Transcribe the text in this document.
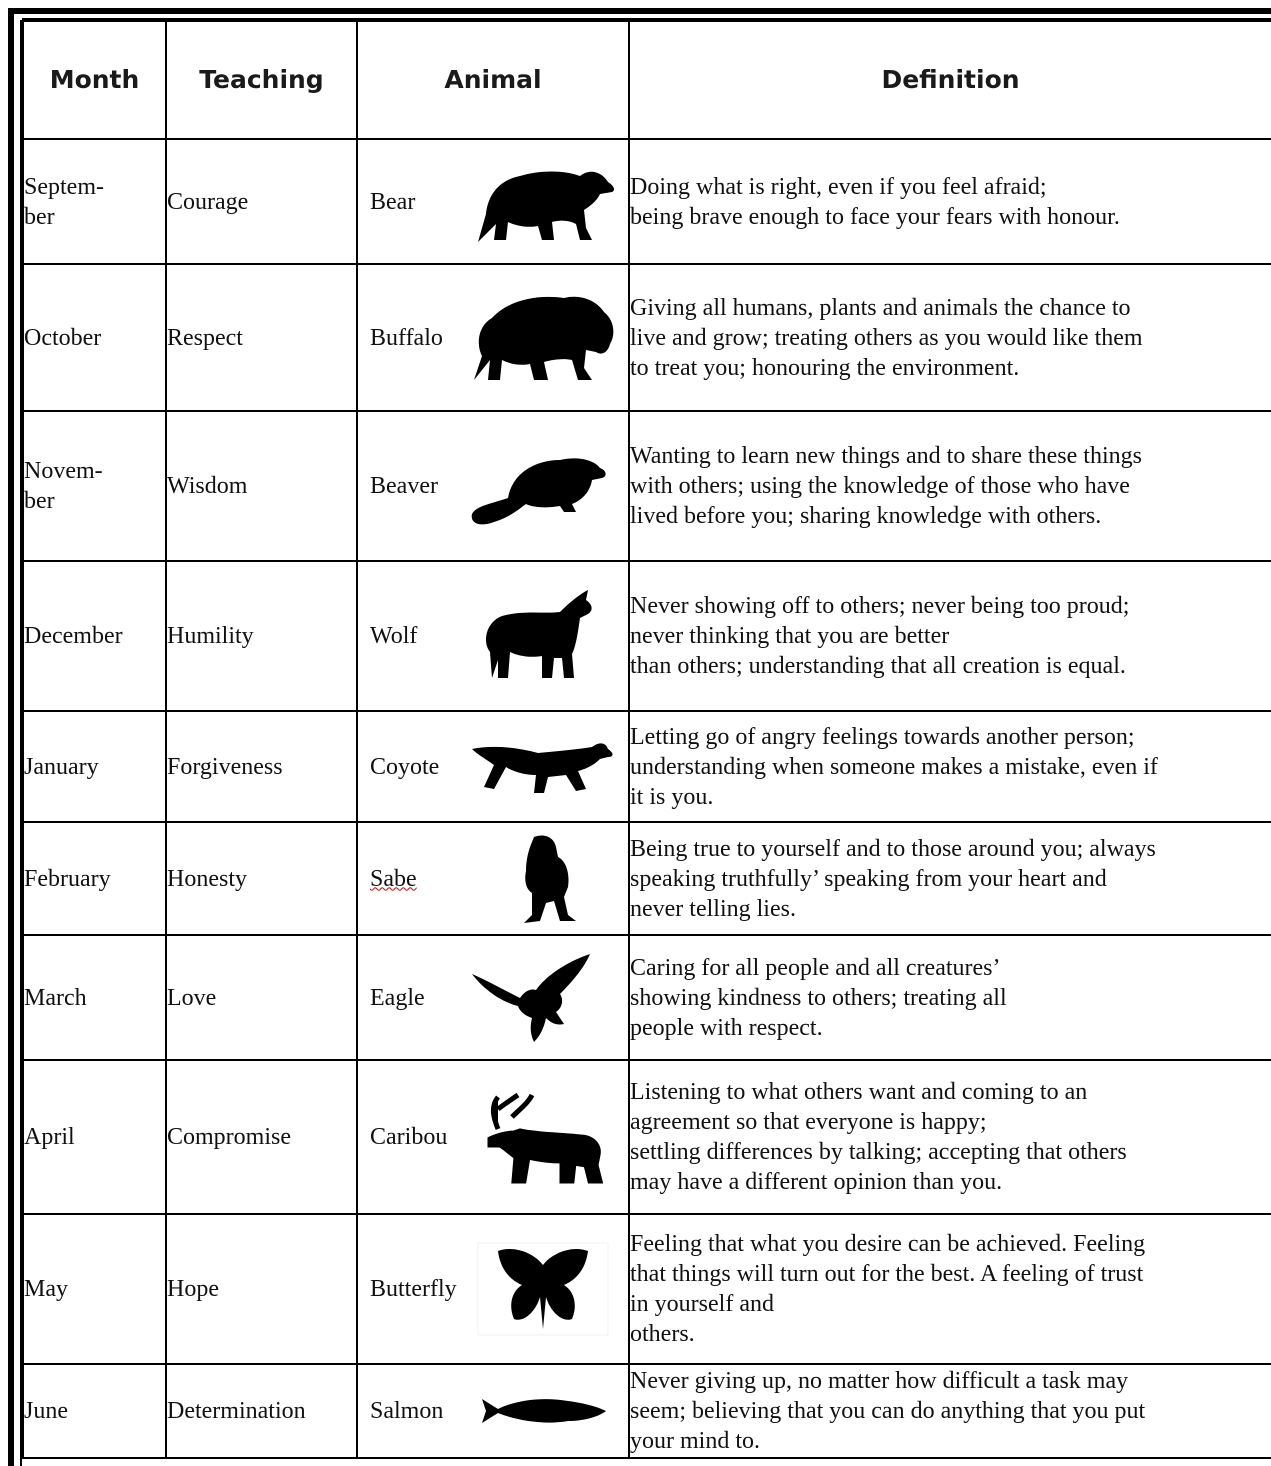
Month	Teaching	Animal	Definition

Septem-
ber	Courage	Bear	Doing what is right, even if you feel afraid;
being brave enough to face your fears with honour.

October	Respect	Buffalo	Giving all humans, plants and animals the chance to
live and grow; treating others as you would like them
to treat you; honouring the environment.

Novem-
ber	Wisdom	Beaver	Wanting to learn new things and to share these things
with others; using the knowledge of those who have
lived before you; sharing knowledge with others.

December	Humility	Wolf	Never showing off to others; never being too proud;
never thinking that you are better
than others; understanding that all creation is equal.

January	Forgiveness	Coyote	Letting go of angry feelings towards another person;
understanding when someone makes a mistake, even if
it is you.

February	Honesty	Sabe	Being true to yourself and to those around you; always
speaking truthfully’ speaking from your heart and
never telling lies.

March	Love	Eagle	Caring for all people and all creatures’
showing kindness to others; treating all
people with respect.

April	Compromise	Caribou	Listening to what others want and coming to an
agreement so that everyone is happy;
settling differences by talking; accepting that others
may have a different opinion than you.

May	Hope	Butterfly	Feeling that what you desire can be achieved. Feeling
that things will turn out for the best. A feeling of trust
in yourself and
others.

June	Determination	Salmon	Never giving up, no matter how difficult a task may
seem; believing that you can do anything that you put
your mind to.
